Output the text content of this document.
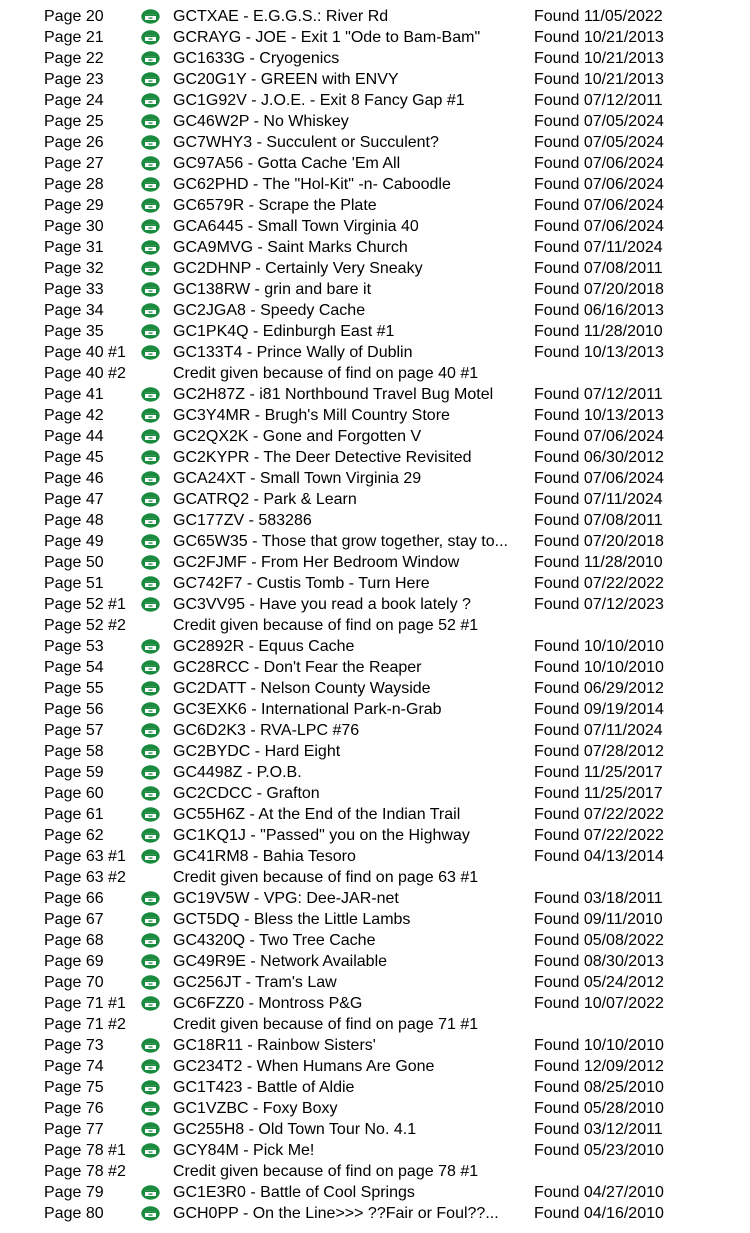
Page 20	GCTXAE - E.G.G.S.: River Rd	Found 11/05/2022
Page 21	GCRAYG - JOE - Exit 1 "Ode to Bam-Bam"	Found 10/21/2013
Page 22	GC1633G - Cryogenics	Found 10/21/2013
Page 23	GC20G1Y - GREEN with ENVY	Found 10/21/2013
Page 24	GC1G92V - J.O.E. - Exit 8 Fancy Gap #1	Found 07/12/2011
Page 25	GC46W2P - No Whiskey	Found 07/05/2024
Page 26	GC7WHY3 - Succulent or Succulent?	Found 07/05/2024
Page 27	GC97A56 - Gotta Cache 'Em All	Found 07/06/2024
Page 28	GC62PHD - The "Hol-Kit" -n- Caboodle	Found 07/06/2024
Page 29	GC6579R - Scrape the Plate	Found 07/06/2024
Page 30	GCA6445 - Small Town Virginia 40	Found 07/06/2024
Page 31	GCA9MVG - Saint Marks Church	Found 07/11/2024
Page 32	GC2DHNP - Certainly Very Sneaky	Found 07/08/2011
Page 33	GC138RW - grin and bare it	Found 07/20/2018
Page 34	GC2JGA8 - Speedy Cache	Found 06/16/2013
Page 35	GC1PK4Q - Edinburgh East #1	Found 11/28/2010
Page 40 #1	GC133T4 - Prince Wally of Dublin	Found 10/13/2013
Page 40 #2	Credit given because of find on page 40 #1
Page 41	GC2H87Z - i81 Northbound Travel Bug Motel	Found 07/12/2011
Page 42	GC3Y4MR - Brugh's Mill Country Store	Found 10/13/2013
Page 44	GC2QX2K - Gone and Forgotten V	Found 07/06/2024
Page 45	GC2KYPR - The Deer Detective Revisited	Found 06/30/2012
Page 46	GCA24XT - Small Town Virginia 29	Found 07/06/2024
Page 47	GCATRQ2 - Park & Learn	Found 07/11/2024
Page 48	GC177ZV - 583286	Found 07/08/2011
Page 49	GC65W35 - Those that grow together, stay to... Found 07/20/2018
Page 50	GC2FJMF - From Her Bedroom Window	Found 11/28/2010
Page 51	GC742F7 - Custis Tomb - Turn Here	Found 07/22/2022
Page 52 #1	GC3VV95 - Have you read a book lately ?	Found 07/12/2023
Page 52 #2	Credit given because of find on page 52 #1
Page 53	GC2892R - Equus Cache	Found 10/10/2010
Page 54	GC28RCC - Don't Fear the Reaper	Found 10/10/2010
Page 55	GC2DATT - Nelson County Wayside	Found 06/29/2012
Page 56	GC3EXK6 - International Park-n-Grab	Found 09/19/2014
Page 57	GC6D2K3 - RVA-LPC #76	Found 07/11/2024
Page 58	GC2BYDC - Hard Eight	Found 07/28/2012
Page 59	GC4498Z - P.O.B.	Found 11/25/2017
Page 60	GC2CDCC - Grafton	Found 11/25/2017
Page 61	GC55H6Z - At the End of the Indian Trail	Found 07/22/2022
Page 62	GC1KQ1J - "Passed" you on the Highway	Found 07/22/2022
Page 63 #1	GC41RM8 - Bahia Tesoro	Found 04/13/2014
Page 63 #2	Credit given because of find on page 63 #1
Page 66	GC19V5W - VPG: Dee-JAR-net	Found 03/18/2011
Page 67	GCT5DQ - Bless the Little Lambs	Found 09/11/2010
Page 68	GC4320Q - Two Tree Cache	Found 05/08/2022
Page 69	GC49R9E - Network Available	Found 08/30/2013
Page 70	GC256JT - Tram's Law	Found 05/24/2012
Page 71 #1	GC6FZZ0 - Montross P&G	Found 10/07/2022
Page 71 #2	Credit given because of find on page 71 #1
Page 73	GC18R11 - Rainbow Sisters'	Found 10/10/2010
Page 74	GC234T2 - When Humans Are Gone	Found 12/09/2012
Page 75	GC1T423 - Battle of Aldie	Found 08/25/2010
Page 76	GC1VZBC - Foxy Boxy	Found 05/28/2010
Page 77	GC255H8 - Old Town Tour No. 4.1	Found 03/12/2011
Page 78 #1	GCY84M - Pick Me!	Found 05/23/2010
Page 78 #2	Credit given because of find on page 78 #1
Page 79	GC1E3R0 - Battle of Cool Springs	Found 04/27/2010
Page 80	GCH0PP - On the Line>>> ??Fair or Foul??... Found 04/16/2010
